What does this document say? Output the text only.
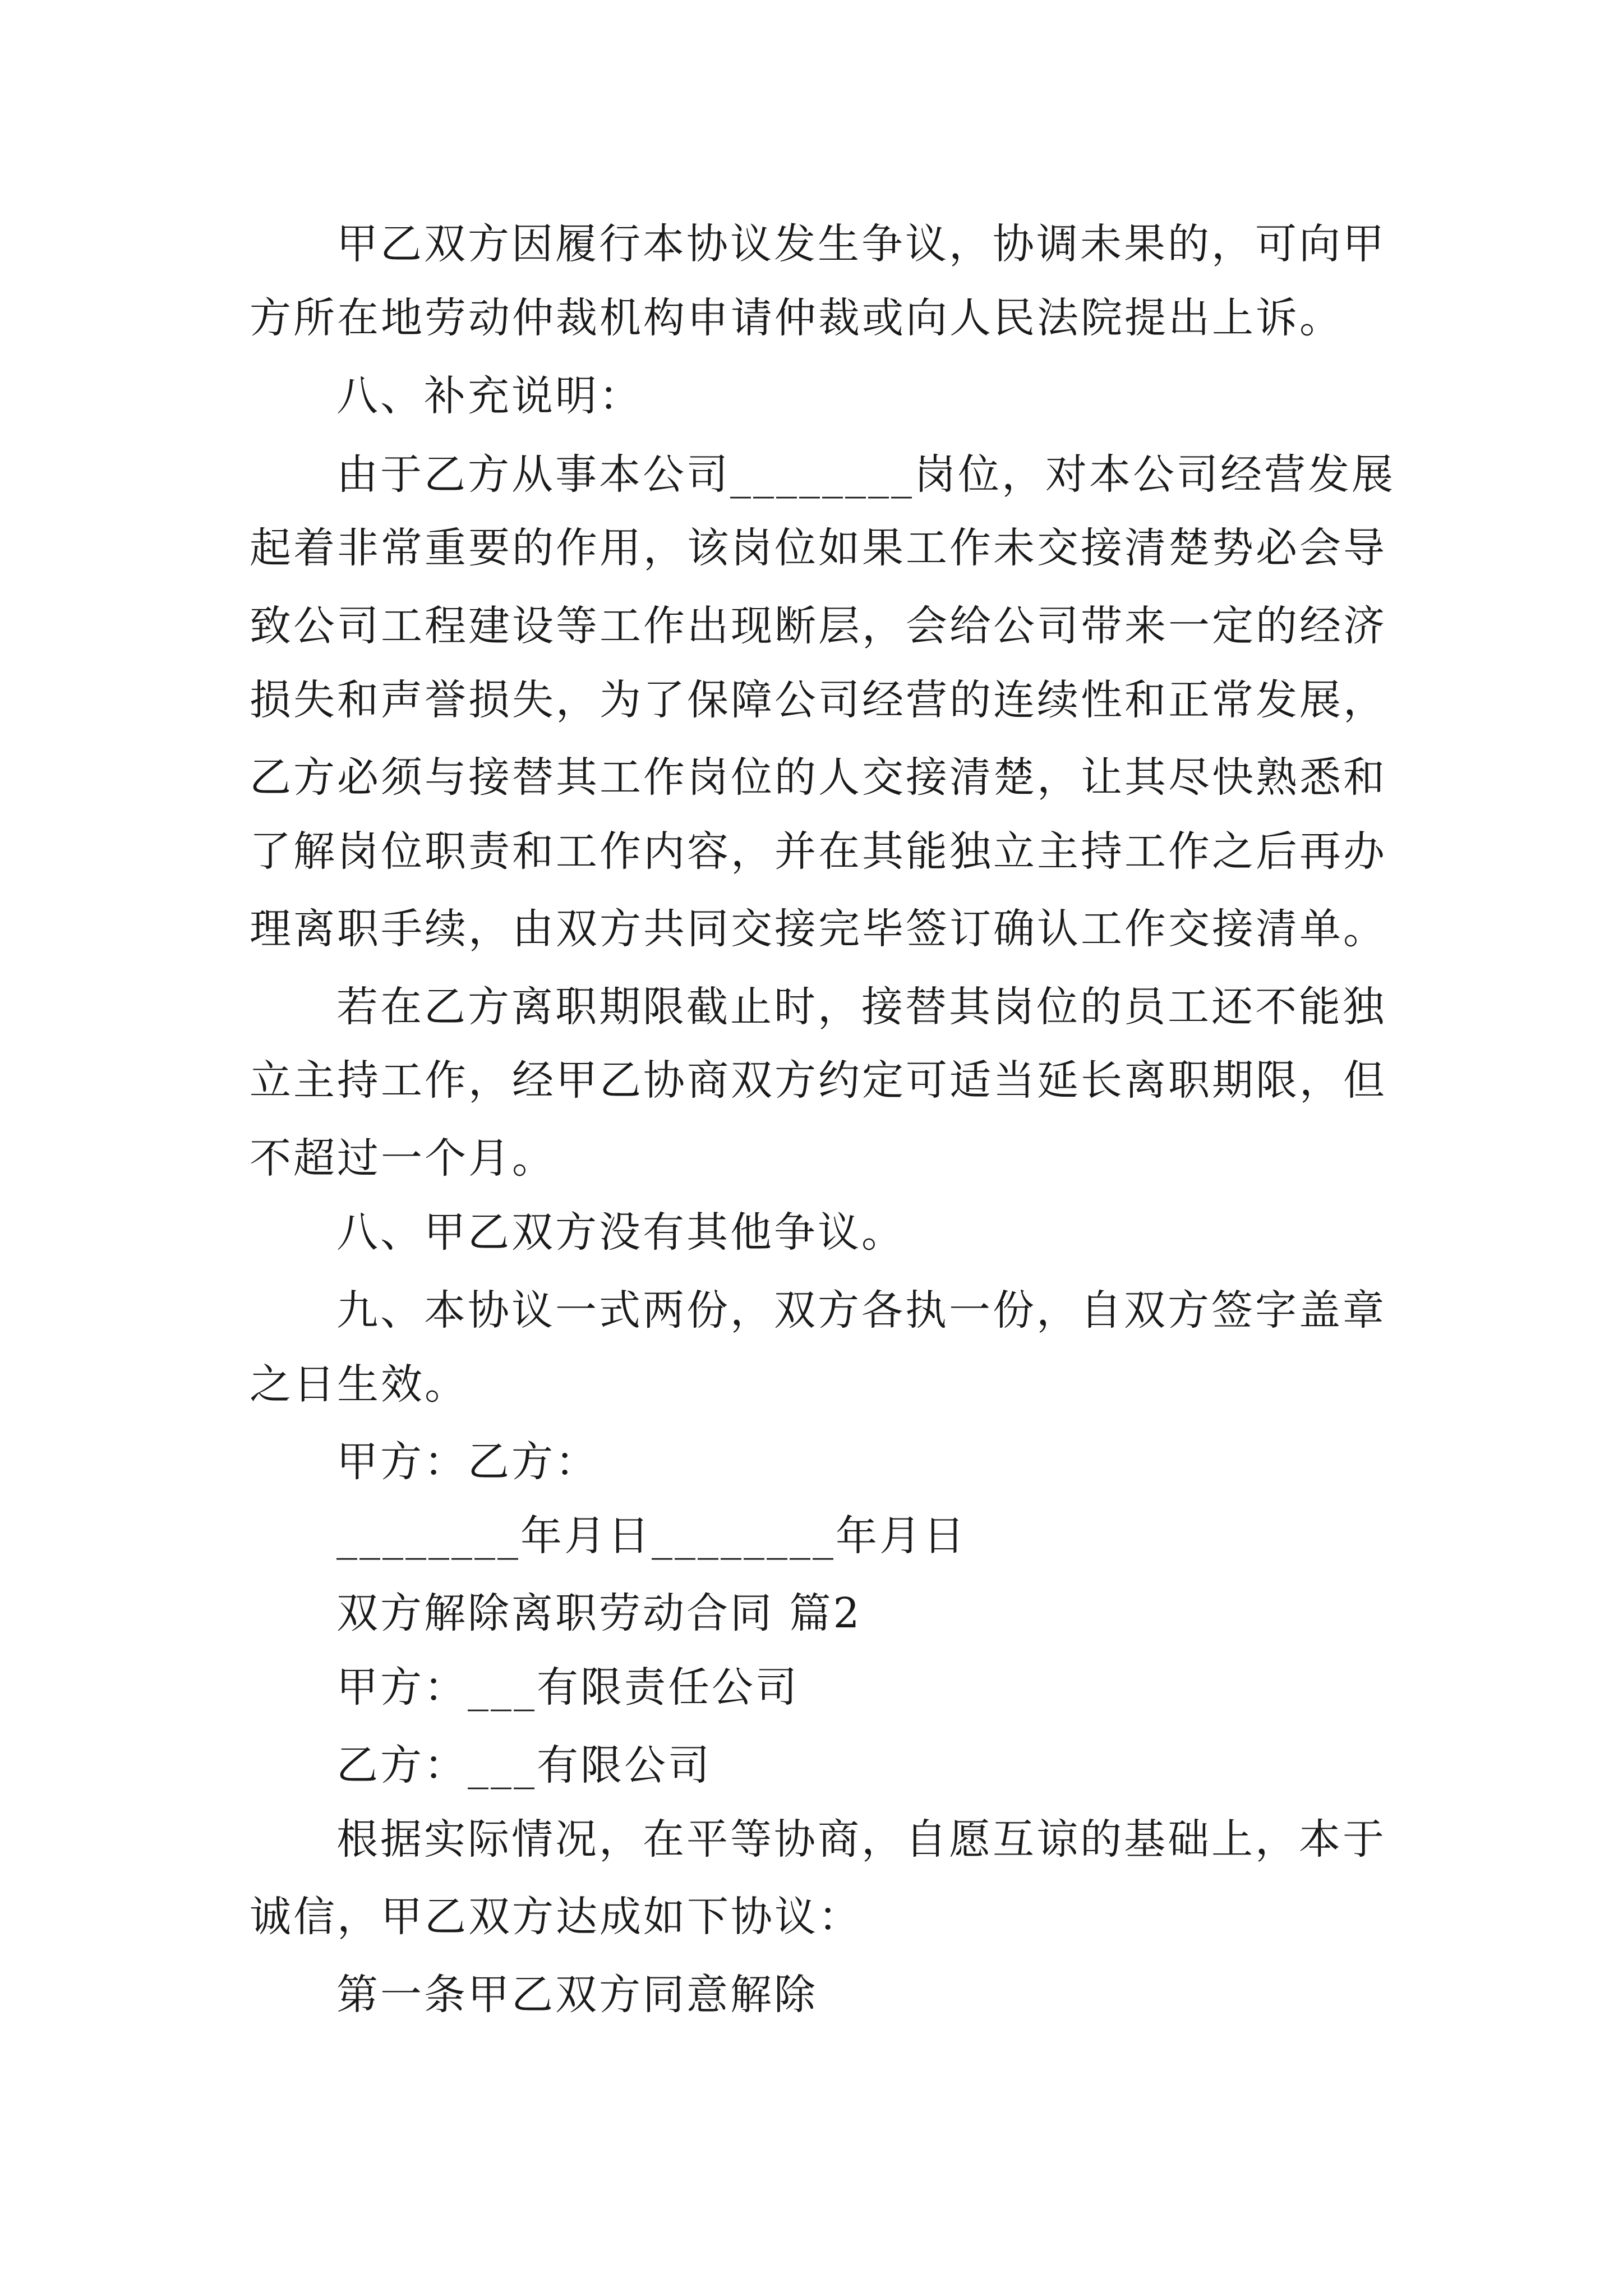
甲乙双方因履行本协议发生争议，协调未果的，可向甲
方所在地劳动仲裁机构申请仲裁或向人民法院提出上诉。
八、补充说明：
由于乙方从事本公司________岗位，对本公司经营发展
起着非常重要的作用，该岗位如果工作未交接清楚势必会导
致公司工程建设等工作出现断层，会给公司带来一定的经济
损失和声誉损失，为了保障公司经营的连续性和正常发展，
乙方必须与接替其工作岗位的人交接清楚，让其尽快熟悉和
了解岗位职责和工作内容，并在其能独立主持工作之后再办
理离职手续，由双方共同交接完毕签订确认工作交接清单。
若在乙方离职期限截止时，接替其岗位的员工还不能独
立主持工作，经甲乙协商双方约定可适当延长离职期限，但
不超过一个月。
八、甲乙双方没有其他争议。
九、本协议一式两份，双方各执一份，自双方签字盖章
之日生效。
甲方：乙方：
________年月日________年月日
双方解除离职劳动合同 篇2
甲方：___有限责任公司
乙方：___有限公司
根据实际情况，在平等协商，自愿互谅的基础上，本于
诚信，甲乙双方达成如下协议：
第一条甲乙双方同意解除
